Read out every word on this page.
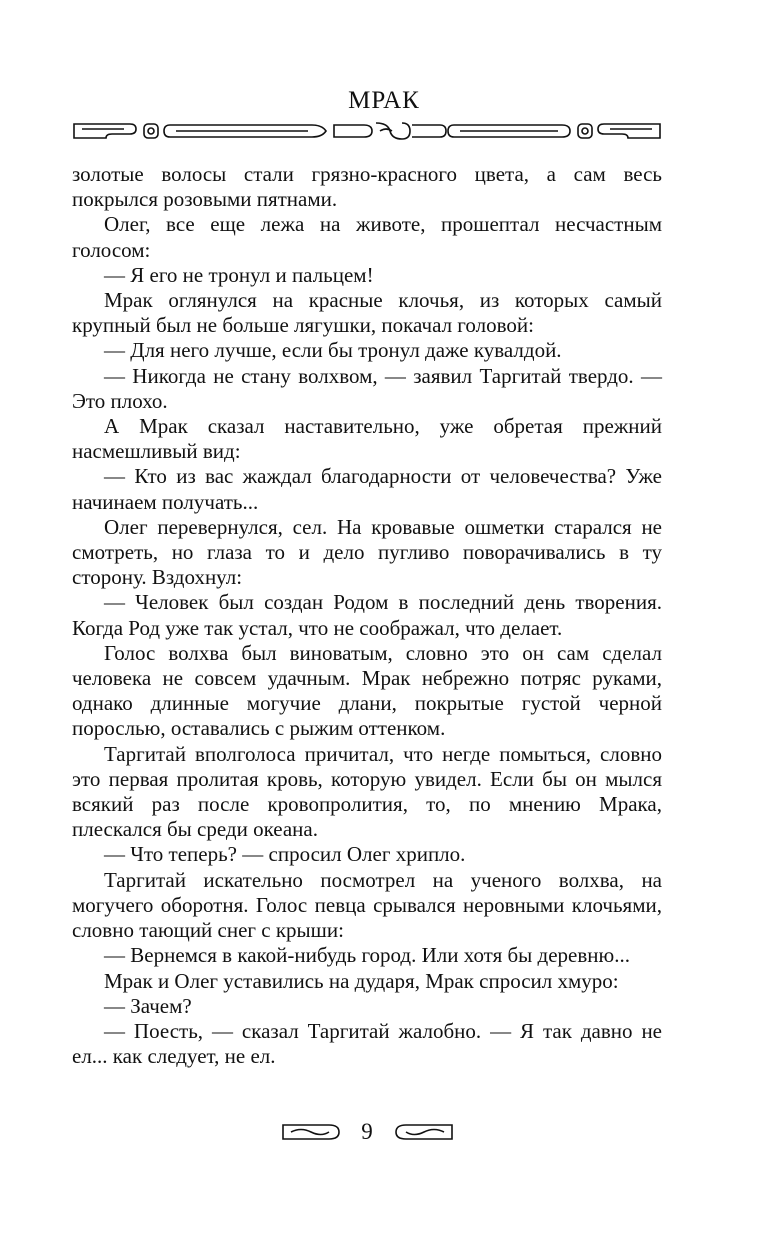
МРАК

золотые волосы стали грязно-красного цвета, а сам весь покрылся розовыми пятнами.

Олег, все еще лежа на животе, прошептал несчастным голосом:

— Я его не тронул и пальцем!

Мрак оглянулся на красные клочья, из которых самый крупный был не больше лягушки, покачал головой:

— Для него лучше, если бы тронул даже кувалдой.

— Никогда не стану волхвом, — заявил Таргитай твердо. — Это плохо.

А Мрак сказал наставительно, уже обретая прежний насмешливый вид:

— Кто из вас жаждал благодарности от человечества? Уже начинаем получать...

Олег перевернулся, сел. На кровавые ошметки старался не смотреть, но глаза то и дело пугливо поворачивались в ту сторону. Вздохнул:

— Человек был создан Родом в последний день творения. Когда Род уже так устал, что не соображал, что делает.

Голос волхва был виноватым, словно это он сам сделал человека не совсем удачным. Мрак небрежно потряс руками, однако длинные могучие длани, покрытые густой черной порослью, оставались с рыжим оттенком.

Таргитай вполголоса причитал, что негде помыться, словно это первая пролитая кровь, которую увидел. Если бы он мылся всякий раз после кровопролития, то, по мнению Мрака, плескался бы среди океана.

— Что теперь? — спросил Олег хрипло.

Таргитай искательно посмотрел на ученого волхва, на могучего оборотня. Голос певца срывался неровными клочьями, словно тающий снег с крыши:

— Вернемся в какой-нибудь город. Или хотя бы деревню...

Мрак и Олег уставились на дударя, Мрак спросил хмуро:

— Зачем?

— Поесть, — сказал Таргитай жалобно. — Я так давно не ел... как следует, не ел.

9
